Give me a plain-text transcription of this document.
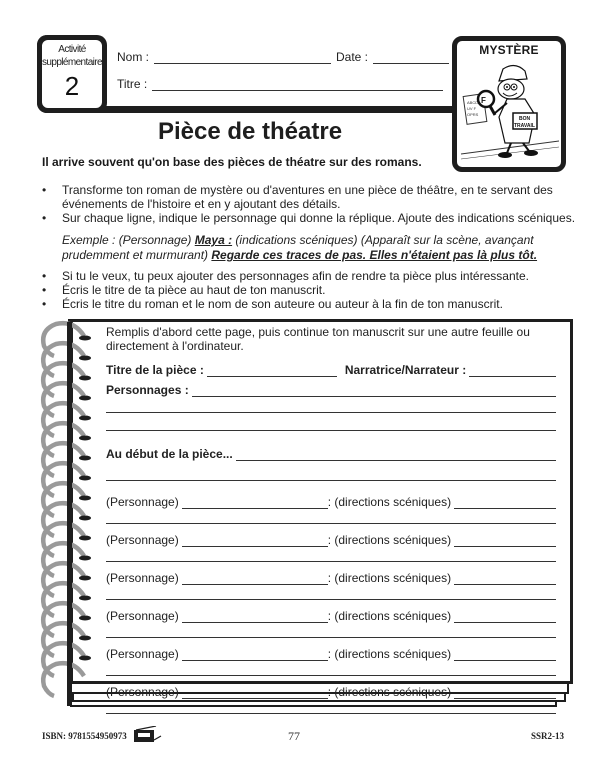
Activité supplémentaire
2
Nom :	Date :
Titre :
MYSTÈRE
ABCD
UV F
OPRS
F
BON
TRAVAIL
Pièce de théatre
Il arrive souvent qu'on base des pièces de théatre sur des romans.
•	Transforme ton roman de mystère ou d'aventures en une pièce de théâtre, en te servant des événements de l'histoire et en y ajoutant des détails.
•	Sur chaque ligne, indique le personnage qui donne la réplique. Ajoute des indications scéniques.
Exemple : (Personnage) Maya : (indications scéniques) (Apparaît sur la scène, avançant prudemment et murmurant) Regarde ces traces de pas. Elles n'étaient pas là plus tôt.
•	Si tu le veux, tu peux ajouter des personnages afin de rendre ta pièce plus intéressante.
•	Écris le titre de ta pièce au haut de ton manuscrit.
•	Écris le titre du roman et le nom de son auteure ou auteur à la fin de ton manuscrit.
Remplis d'abord cette page, puis continue ton manuscrit sur une autre feuille ou directement à l'ordinateur.
Titre de la pièce :	Narratrice/Narrateur :
Personnages :
Au début de la pièce...
(Personnage)	: (directions scéniques)
(Personnage)	: (directions scéniques)
(Personnage)	: (directions scéniques)
(Personnage)	: (directions scéniques)
(Personnage)	: (directions scéniques)
(Personnage)	: (directions scéniques)
ISBN: 9781554950973	77	SSR2-13
